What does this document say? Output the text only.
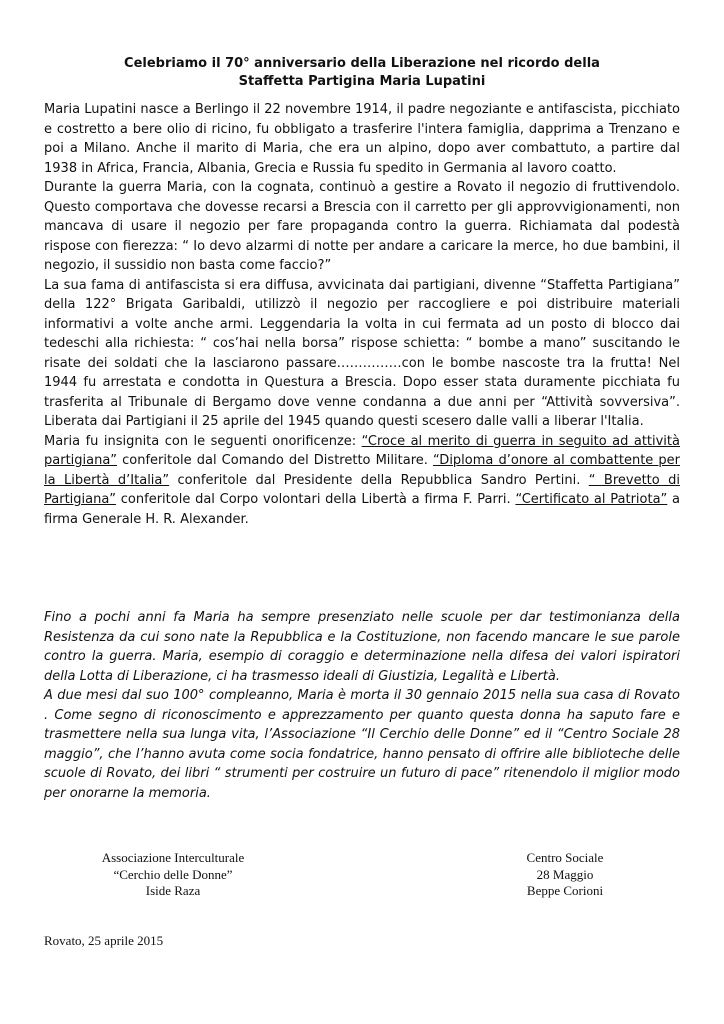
Celebriamo il 70° anniversario della Liberazione nel ricordo della
Staffetta Partigina Maria Lupatini

Maria Lupatini nasce a Berlingo il 22 novembre 1914, il padre negoziante e antifascista, picchiato e costretto a bere olio di ricino, fu obbligato a trasferire l'intera famiglia, dapprima a Trenzano e poi a Milano. Anche il marito di Maria, che era un alpino, dopo aver combattuto, a partire dal 1938 in Africa, Francia, Albania, Grecia e Russia fu spedito in Germania al lavoro coatto.

Durante la guerra Maria, con la cognata, continuò a gestire a Rovato il negozio di fruttivendolo. Questo comportava che dovesse recarsi a Brescia con il carretto per gli approvvigionamenti, non mancava di usare il negozio per fare propaganda contro la guerra. Richiamata dal podestà rispose con fierezza: “ Io devo alzarmi di notte per andare a caricare la merce, ho due bambini, il negozio, il sussidio non basta come faccio?”

La sua fama di antifascista si era diffusa, avvicinata dai partigiani, divenne “Staffetta Partigiana” della 122° Brigata Garibaldi, utilizzò il negozio per raccogliere e poi distribuire materiali informativi a volte anche armi. Leggendaria la volta in cui fermata ad un posto di blocco dai tedeschi alla richiesta: “ cos’hai nella borsa” rispose schietta: “ bombe a mano” suscitando le risate dei soldati che la lasciarono passare……………con le bombe nascoste tra la frutta! Nel 1944 fu arrestata e condotta in Questura a Brescia. Dopo esser stata duramente picchiata fu trasferita al Tribunale di Bergamo dove venne condanna a due anni per “Attività sovversiva”. Liberata dai Partigiani il 25 aprile del 1945 quando questi scesero dalle valli a liberar l'Italia.

Maria fu insignita con le seguenti onorificenze: “Croce al merito di guerra in seguito ad attività partigiana” conferitole dal Comando del Distretto Militare. “Diploma d’onore al combattente per la Libertà d’Italia” conferitole dal Presidente della Repubblica Sandro Pertini. “ Brevetto di Partigiana” conferitole dal Corpo volontari della Libertà a firma F. Parri. “Certificato al Patriota” a firma Generale H. R. Alexander.

Fino a pochi anni fa Maria ha sempre presenziato nelle scuole per dar testimonianza della Resistenza da cui sono nate la Repubblica e la Costituzione, non facendo mancare le sue parole contro la guerra. Maria, esempio di coraggio e determinazione nella difesa dei valori ispiratori della Lotta di Liberazione, ci ha trasmesso ideali di Giustizia, Legalità e Libertà.

A due mesi dal suo 100° compleanno, Maria è morta il 30 gennaio 2015 nella sua casa di Rovato . Come segno di riconoscimento e apprezzamento per quanto questa donna ha saputo fare e trasmettere nella sua lunga vita, l’Associazione “Il Cerchio delle Donne” ed il “Centro Sociale 28 maggio”, che l’hanno avuta come socia fondatrice, hanno pensato di offrire alle biblioteche delle scuole di Rovato, dei libri “ strumenti per costruire un futuro di pace” ritenendolo il miglior modo per onorarne la memoria.

Associazione Interculturale
“Cerchio delle Donne”
Iside Raza
Centro Sociale
28 Maggio
Beppe Corioni
Rovato, 25 aprile 2015
